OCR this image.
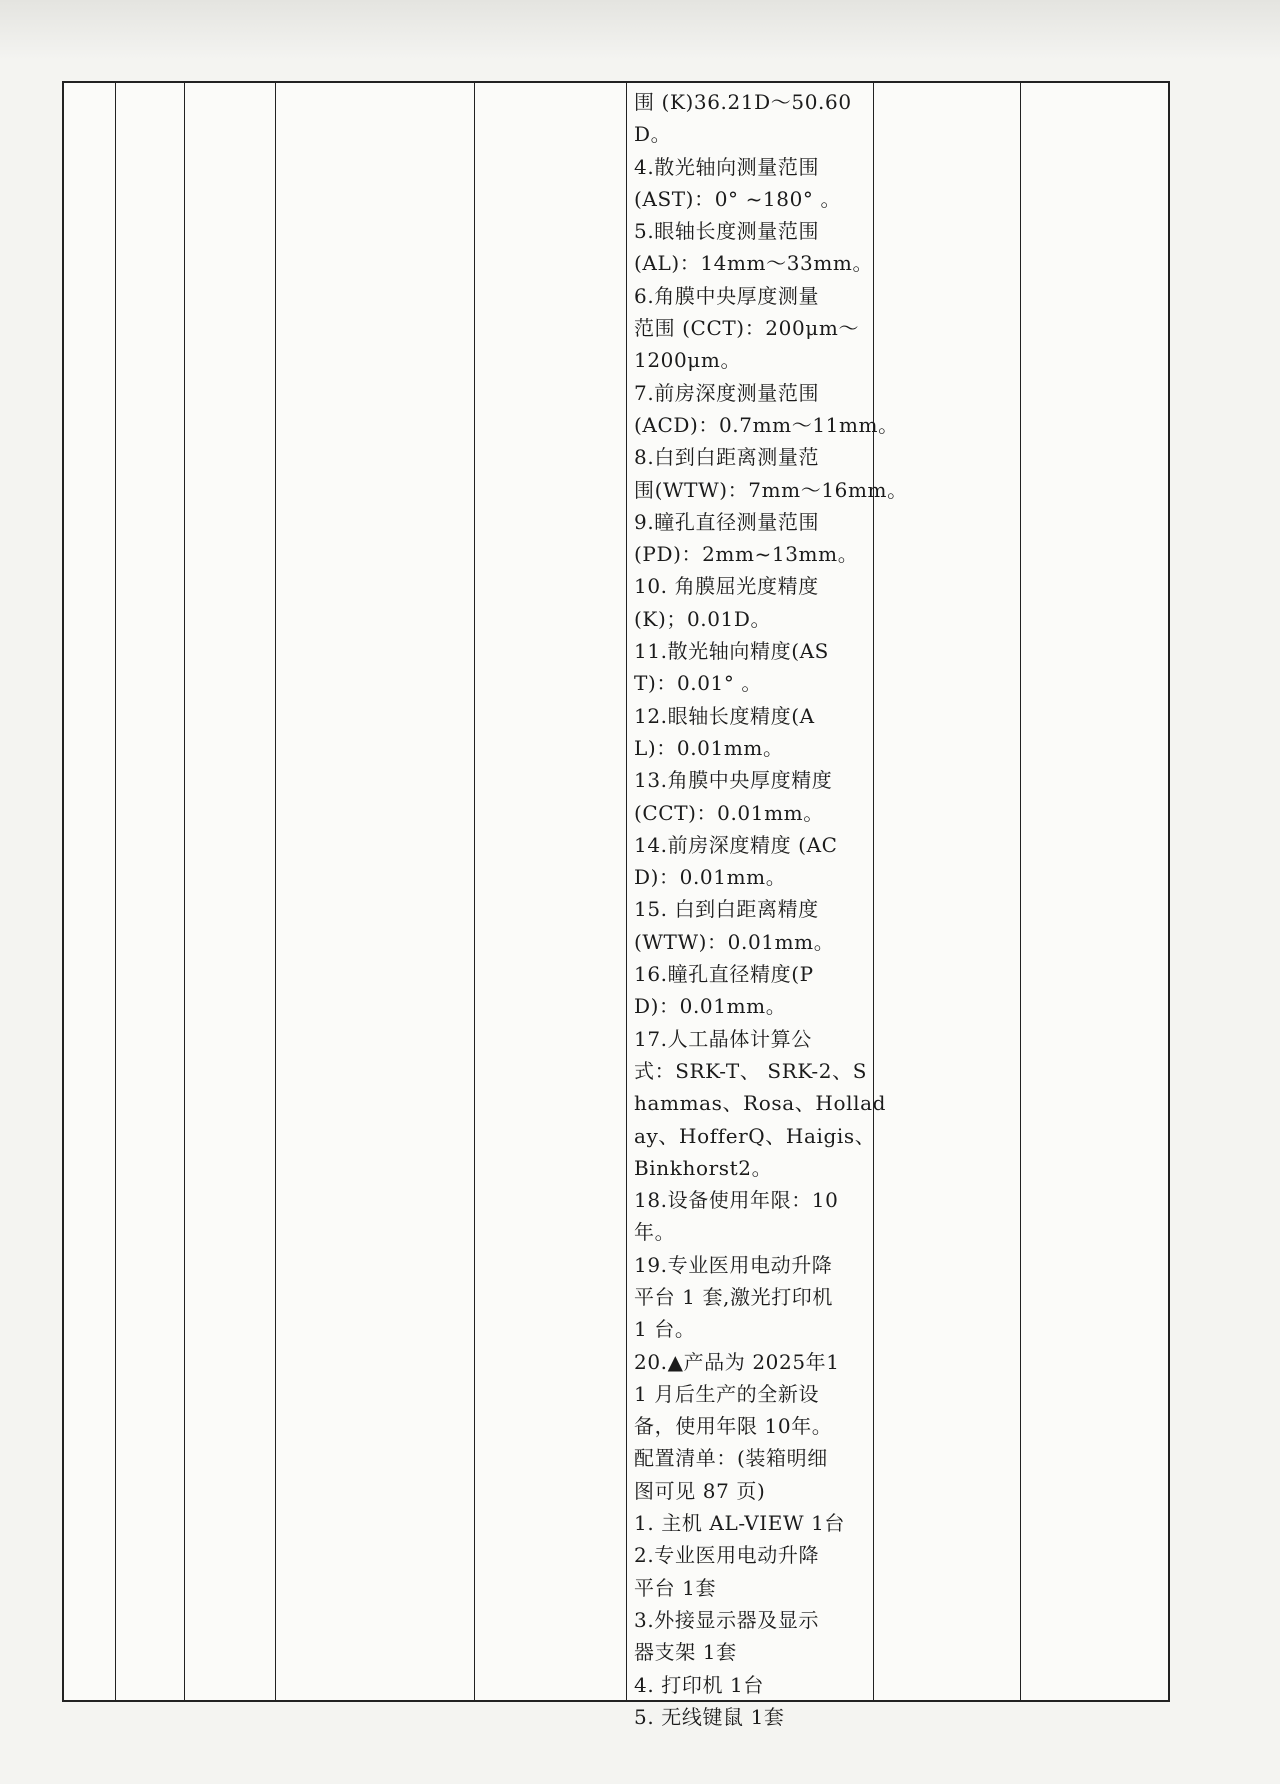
围 (K)36.21D～50.60
D。
4.散光轴向测量范围
(AST)：0° ~180° 。
5.眼轴长度测量范围
(AL)：14mm～33mm。
6.角膜中央厚度测量
范围 (CCT)：200μm～
1200μm。
7.前房深度测量范围
(ACD)：0.7mm～11mm。
8.白到白距离测量范
围(WTW)：7mm～16mm。
9.瞳孔直径测量范围
(PD)：2mm~13mm。
10. 角膜屈光度精度
(K)；0.01D。
11.散光轴向精度(AS
T)：0.01° 。
12.眼轴长度精度(A
L)：0.01mm。
13.角膜中央厚度精度
(CCT)：0.01mm。
14.前房深度精度 (AC
D)：0.01mm。
15. 白到白距离精度
(WTW)：0.01mm。
16.瞳孔直径精度(P
D)：0.01mm。
17.人工晶体计算公
式：SRK-T、 SRK-2、S
hammas、Rosa、Hollad
ay、HofferQ、Haigis、
Binkhorst2。
18.设备使用年限：10
年。
19.专业医用电动升降
平台 1 套,激光打印机
1 台。
20.▲产品为 2025年1
1 月后生产的全新设
备，使用年限 10年。
配置清单：(装箱明细
图可见 87 页)
1. 主机 AL-VIEW 1台
2.专业医用电动升降
平台 1套
3.外接显示器及显示
器支架 1套
4. 打印机 1台
5. 无线键鼠 1套
